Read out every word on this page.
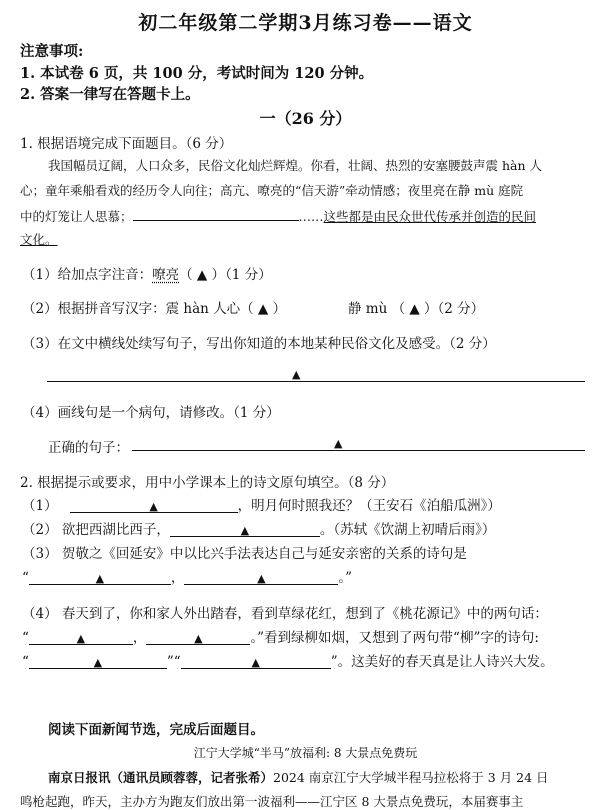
初二年级第二学期3月练习卷——语文
注意事项:
1. 本试卷 6 页，共 100 分，考试时间为 120 分钟。
2. 答案一律写在答题卡上。
一（26 分）
1. 根据语境完成下面题目。（6 分）
我国幅员辽阔，人口众多，民俗文化灿烂辉煌。你看，壮阔、热烈的安塞腰鼓声震 hàn 人
心；童年乘船看戏的经历令人向往；高亢、嘹亮的“信天游”牵动情感；夜里亮在静 mù 庭院
中的灯笼让人思慕；	……这些都是由民众世代传承并创造的民间
文化。
（1）给加点字注音：嘹亮（ ▲ ）（1 分）
（2）根据拼音写汉字：震 hàn 人心（ ▲ ）	静 mù （ ▲ ）（2 分）
（3）在文中横线处续写句子，写出你知道的本地某种民俗文化及感受。（2 分）
▲
（4）画线句是一个病句，请修改。（1 分）
正确的句子：	▲
2. 根据提示或要求，用中小学课本上的诗文原句填空。（8 分）
（1）	▲	，明月何时照我还？（王安石《泊船瓜洲》）
（2） 欲把西湖比西子，	▲	。（苏轼《饮湖上初晴后雨》）
（3） 贺敬之《回延安》中以比兴手法表达自己与延安亲密的关系的诗句是
“	▲	，	▲	。”
（4） 春天到了，你和家人外出踏春，看到草绿花红，想到了《桃花源记》中的两句话：
“	▲	，	▲	。”看到绿柳如烟，又想到了两句带“柳”字的诗句:
“	▲	”“	▲	”。这美好的春天真是让人诗兴大发。
阅读下面新闻节选，完成后面题目。
江宁大学城“半马”放福利: 8 大景点免费玩
南京日报讯（通讯员顾蓉蓉，记者张希）2024 南京江宁大学城半程马拉松将于 3 月 24 日
鸣枪起跑，昨天，主办方为跑友们放出第一波福利——江宁区 8 大景点免费玩，本届赛事主
